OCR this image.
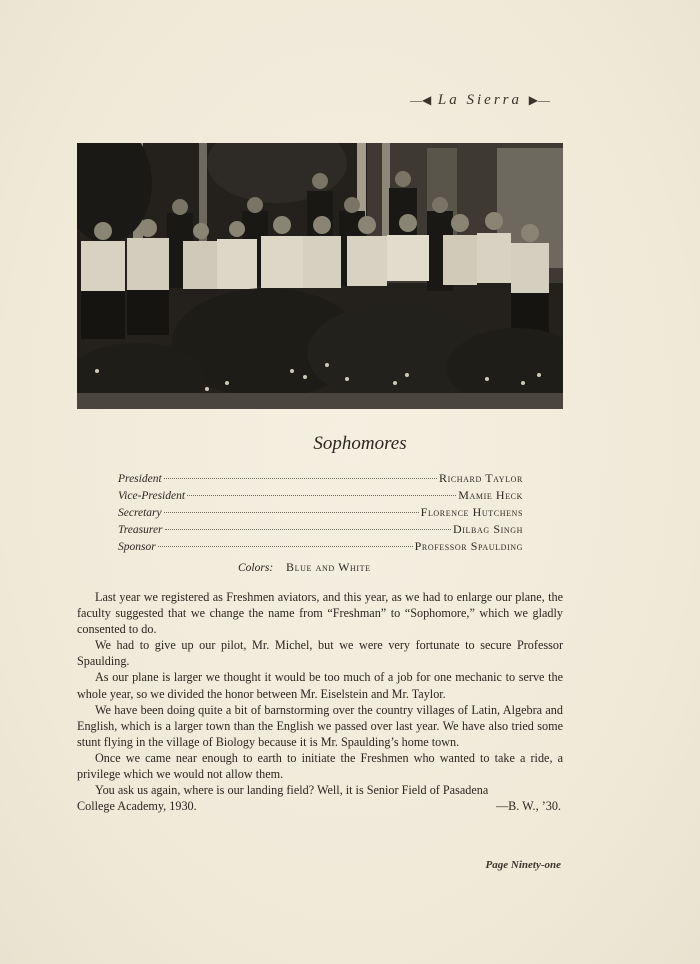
—◀ La Sierra ▶—
Sophomores
President	Richard Taylor
Vice-President	Mamie Heck
Secretary	Florence Hutchens
Treasurer	Dilbag Singh
Sponsor	Professor Spaulding
Colors: Blue and White

Last year we registered as Freshmen aviators, and this year, as we had to enlarge our plane, the faculty suggested that we change the name from “Freshman” to “Sophomore,” which we gladly consented to do.

We had to give up our pilot, Mr. Michel, but we were very fortunate to secure Professor Spaulding.

As our plane is larger we thought it would be too much of a job for one mechanic to serve the whole year, so we divided the honor between Mr. Eiselstein and Mr. Taylor.

We have been doing quite a bit of barnstorming over the country villages of Latin, Algebra and English, which is a larger town than the English we passed over last year. We have also tried some stunt flying in the village of Biology because it is Mr. Spaulding’s home town.

Once we came near enough to earth to initiate the Freshmen who wanted to take a ride, a privilege which we would not allow them.

You ask us again, where is our landing field? Well, it is Senior Field of Pasadena

College Academy, 1930.	—B. W., ’30.
Page Ninety-one
